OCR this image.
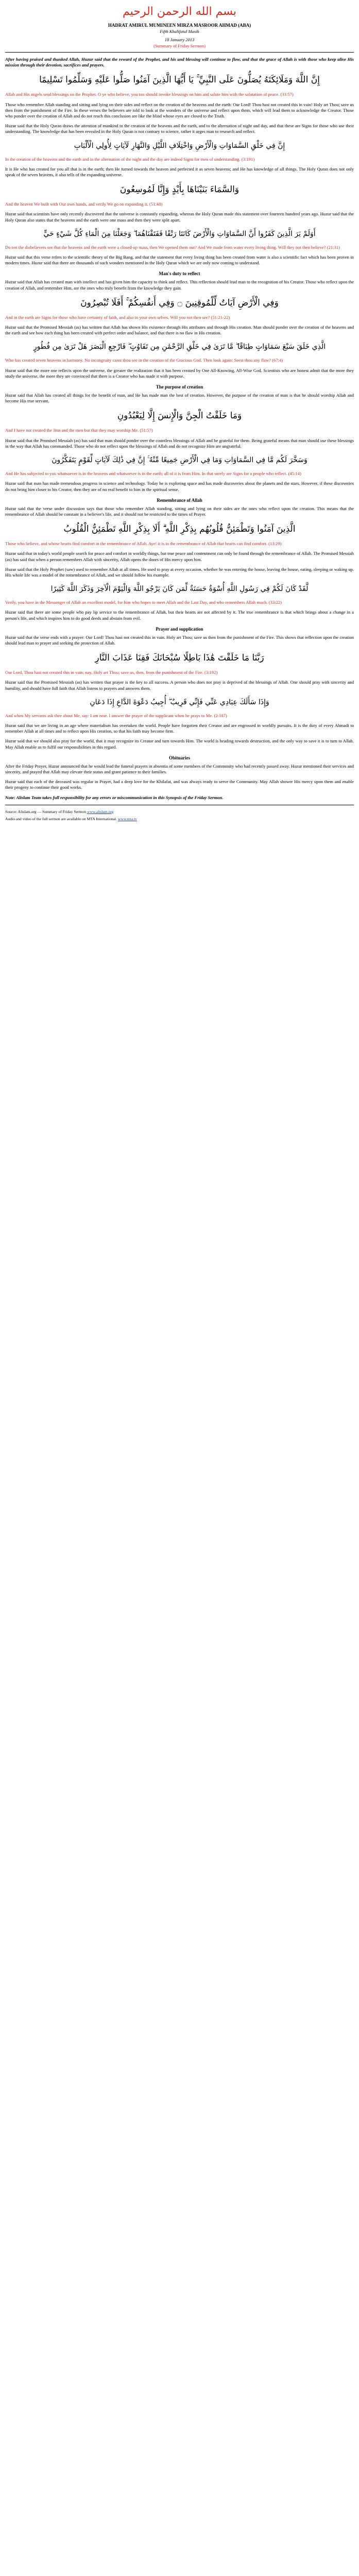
بسم الله الرحمن الرحيم
HADRAT AMIRUL MUMINEEN MIRZA MASROOR AHMAD (ABA)
Fifth Khalifatul Masih
18 January 2013
(Summary of Friday Sermon)

After having praised and thanked Allah, Huzur said that the reward of the Prophet, and his and blessing will continue to flow, and that the grace of Allah is with those who keep alive His mission through their devotion, sacrifices and prayers.

إِنَّ اللَّهَ وَمَلَائِكَتَهُ يُصَلُّونَ عَلَى النَّبِيِّ ۚ يَا أَيُّهَا الَّذِينَ آمَنُوا صَلُّوا عَلَيْهِ وَسَلِّمُوا تَسْلِيمًا

Allah and His angels send blessings on the Prophet. O ye who believe, you too should invoke blessings on him and salute him with the salutation of peace. (33:57)

Those who remember Allah standing and sitting and lying on their sides and reflect on the creation of the heavens and the earth: Our Lord! Thou hast not created this in vain! Holy art Thou; save us then from the punishment of the Fire. In these verses the believers are told to look at the wonders of the universe and reflect upon them, which will lead them to acknowledge the Creator. Those who ponder over the creation of Allah and do not reach this conclusion are like the blind whose eyes are closed to the Truth.

Huzur said that the Holy Quran draws the attention of mankind to the creation of the heavens and the earth, and to the alternation of night and day, and that these are Signs for those who use their understanding. The knowledge that has been revealed in the Holy Quran is not contrary to science, rather it urges man to research and reflect.

إِنَّ فِي خَلْقِ السَّمَاوَاتِ وَالْأَرْضِ وَاخْتِلَافِ اللَّيْلِ وَالنَّهَارِ لَآيَاتٍ لِأُولِي الْأَلْبَابِ

In the creation of the heavens and the earth and in the alternation of the night and the day are indeed Signs for men of understanding. (3:191)

It is He who has created for you all that is in the earth; then He turned towards the heaven and perfected it as seven heavens; and He has knowledge of all things. The Holy Quran does not only speak of the seven heavens, it also tells of the expanding universe.

وَالسَّمَاءَ بَنَيْنَاهَا بِأَيْدٍ وَإِنَّا لَمُوسِعُونَ

And the heaven We built with Our own hands, and verily We go on expanding it. (51:48)

Huzur said that scientists have only recently discovered that the universe is constantly expanding, whereas the Holy Quran made this statement over fourteen hundred years ago. Huzur said that the Holy Quran also states that the heavens and the earth were one mass and then they were split apart.

أَوَلَمْ يَرَ الَّذِينَ كَفَرُوا أَنَّ السَّمَاوَاتِ وَالْأَرْضَ كَانَتَا رَتْقًا فَفَتَقْنَاهُمَا ۖ وَجَعَلْنَا مِنَ الْمَاءِ كُلَّ شَيْءٍ حَيٍّ

Do not the disbelievers see that the heavens and the earth were a closed-up mass, then We opened them out? And We made from water every living thing. Will they not then believe? (21:31)

Huzur said that this verse refers to the scientific theory of the Big Bang, and that the statement that every living thing has been created from water is also a scientific fact which has been proven in modern times. Huzur said that there are thousands of such wonders mentioned in the Holy Quran which we are only now coming to understand.

Man's duty to reflect

Huzur said that Allah has created man with intellect and has given him the capacity to think and reflect. This reflection should lead man to the recognition of his Creator. Those who reflect upon the creation of Allah, and remember Him, are the ones who truly benefit from the knowledge they gain.

وَفِي الْأَرْضِ آيَاتٌ لِّلْمُوقِنِينَ ۝ وَفِي أَنفُسِكُمْ ۚ أَفَلَا تُبْصِرُونَ

And in the earth are Signs for those who have certainty of faith, and also in your own selves. Will you not then see? (51:21-22)

Huzur said that the Promised Messiah (as) has written that Allah has shown His existence through His attributes and through His creation. Man should ponder over the creation of the heavens and the earth and see how each thing has been created with perfect order and balance, and that there is no flaw in His creation.

الَّذِي خَلَقَ سَبْعَ سَمَاوَاتٍ طِبَاقًا ۖ مَّا تَرَىٰ فِي خَلْقِ الرَّحْمَٰنِ مِن تَفَاوُتٍ ۖ فَارْجِعِ الْبَصَرَ هَلْ تَرَىٰ مِن فُطُورٍ

Who has created seven heavens in harmony. No incongruity canst thou see in the creation of the Gracious God. Then look again: Seest thou any flaw? (67:4)

Huzur said that the more one reflects upon the universe, the greater the realization that it has been created by One All-Knowing, All-Wise God. Scientists who are honest admit that the more they study the universe, the more they are convinced that there is a Creator who has made it with purpose.

The purpose of creation

Huzur said that Allah has created all things for the benefit of man, and He has made man the best of creation. However, the purpose of the creation of man is that he should worship Allah and become His true servant.

وَمَا خَلَقْتُ الْجِنَّ وَالْإِنسَ إِلَّا لِيَعْبُدُونِ

And I have not created the Jinn and the men but that they may worship Me. (51:57)

Huzur said that the Promised Messiah (as) has said that man should ponder over the countless blessings of Allah and be grateful for them. Being grateful means that man should use these blessings in the way that Allah has commanded. Those who do not reflect upon the blessings of Allah and do not recognize Him are ungrateful.

وَسَخَّرَ لَكُم مَّا فِي السَّمَاوَاتِ وَمَا فِي الْأَرْضِ جَمِيعًا مِّنْهُ ۚ إِنَّ فِي ذَٰلِكَ لَآيَاتٍ لِّقَوْمٍ يَتَفَكَّرُونَ

And He has subjected to you whatsoever is in the heavens and whatsoever is in the earth; all of it is from Him. In that surely are Signs for a people who reflect. (45:14)

Huzur said that man has made tremendous progress in science and technology. Today he is exploring space and has made discoveries about the planets and the stars. However, if these discoveries do not bring him closer to his Creator, then they are of no real benefit to him in the spiritual sense.

Remembrance of Allah

Huzur said that the verse under discussion says that those who remember Allah standing, sitting and lying on their sides are the ones who reflect upon the creation. This means that the remembrance of Allah should be constant in a believer's life, and it should not be restricted to the times of Prayer.

الَّذِينَ آمَنُوا وَتَطْمَئِنُّ قُلُوبُهُم بِذِكْرِ اللَّهِ ۗ أَلَا بِذِكْرِ اللَّهِ تَطْمَئِنُّ الْقُلُوبُ

Those who believe, and whose hearts find comfort in the remembrance of Allah. Aye! it is in the remembrance of Allah that hearts can find comfort. (13:29)

Huzur said that in today's world people search for peace and comfort in worldly things, but true peace and contentment can only be found through the remembrance of Allah. The Promised Messiah (as) has said that when a person remembers Allah with sincerity, Allah opens the doors of His mercy upon him.

Huzur said that the Holy Prophet (saw) used to remember Allah at all times. He used to pray at every occasion, whether he was entering the house, leaving the house, eating, sleeping or waking up. His whole life was a model of the remembrance of Allah, and we should follow his example.

لَّقَدْ كَانَ لَكُمْ فِي رَسُولِ اللَّهِ أُسْوَةٌ حَسَنَةٌ لِّمَن كَانَ يَرْجُو اللَّهَ وَالْيَوْمَ الْآخِرَ وَذَكَرَ اللَّهَ كَثِيرًا

Verily, you have in the Messenger of Allah an excellent model, for him who hopes to meet Allah and the Last Day, and who remembers Allah much. (33:22)

Huzur said that there are some people who pay lip service to the remembrance of Allah, but their hearts are not affected by it. The true remembrance is that which brings about a change in a person's life, and which inspires him to do good deeds and abstain from evil.

Prayer and supplication

Huzur said that the verse ends with a prayer: Our Lord! Thou hast not created this in vain. Holy art Thou; save us then from the punishment of the Fire. This shows that reflection upon the creation should lead man to prayer and seeking the protection of Allah.

رَبَّنَا مَا خَلَقْتَ هَٰذَا بَاطِلًا سُبْحَانَكَ فَقِنَا عَذَابَ النَّارِ

Our Lord, Thou hast not created this in vain; nay, Holy art Thou; save us, then, from the punishment of the Fire. (3:192)

Huzur said that the Promised Messiah (as) has written that prayer is the key to all success. A person who does not pray is deprived of the blessings of Allah. One should pray with sincerity and humility, and should have full faith that Allah listens to prayers and answers them.

وَإِذَا سَأَلَكَ عِبَادِي عَنِّي فَإِنِّي قَرِيبٌ ۖ أُجِيبُ دَعْوَةَ الدَّاعِ إِذَا دَعَانِ

And when My servants ask thee about Me, say: I am near. I answer the prayer of the supplicant when he prays to Me. (2:187)

Huzur said that we are living in an age where materialism has overtaken the world. People have forgotten their Creator and are engrossed in worldly pursuits. It is the duty of every Ahmadi to remember Allah at all times and to reflect upon His creation, so that his faith may become firm.

Huzur said that we should also pray for the world, that it may recognize its Creator and turn towards Him. The world is heading towards destruction, and the only way to save it is to turn to Allah. May Allah enable us to fulfil our responsibilities in this regard.

Obituaries

After the Friday Prayer, Huzur announced that he would lead the funeral prayers in absentia of some members of the Community who had recently passed away. Huzur mentioned their services and sincerity, and prayed that Allah may elevate their status and grant patience to their families.

Huzur said that each of the deceased was regular in Prayer, had a deep love for the Khilafat, and was always ready to serve the Community. May Allah shower His mercy upon them and enable their progeny to continue their good works.

Note: Alislam Team takes full responsibility for any errors or miscommunication in this Synopsis of the Friday Sermon.

Source: Alislam.org — Summary of Friday Sermon www.alislam.org

Audio and video of the full sermon are available on MTA International. www.mta.tv
